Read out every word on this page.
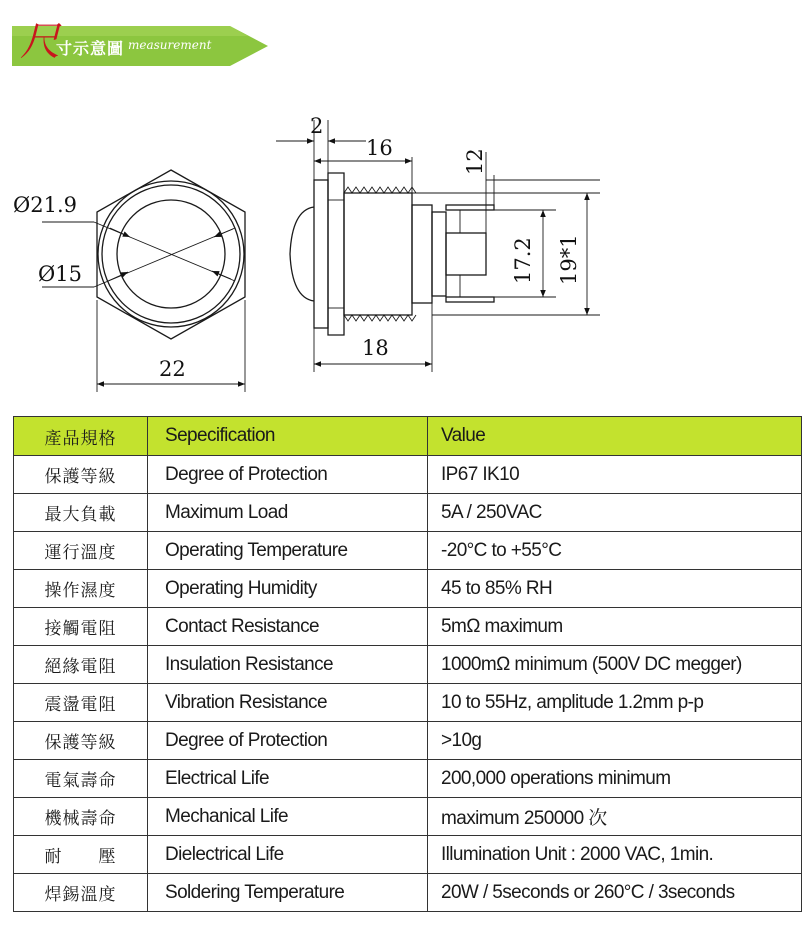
尺
寸示意圖 measurement
Ø21.9
Ø15
22
2
16
12
17.2 19*1
18
產品規格	Sepecification	Value
保護等級	Degree of Protection	IP67 IK10
最大負載	Maximum Load	5A / 250VAC
運行溫度	Operating Temperature	-20°C to +55°C
操作濕度	Operating Humidity	45 to 85% RH
接觸電阻	Contact Resistance	5mΩ maximum
絕緣電阻	Insulation Resistance	1000mΩ minimum (500V DC megger)
震盪電阻	Vibration Resistance	10 to 55Hz, amplitude 1.2mm p-p
保護等級	Degree of Protection	>10g
電氣壽命	Electrical Life	200,000 operations minimum
機械壽命	Mechanical Life	maximum 250000 次
耐　　壓	Dielectrical Life	Illumination Unit : 2000 VAC, 1min.
焊錫溫度	Soldering Temperature	20W / 5seconds or 260°C / 3seconds
